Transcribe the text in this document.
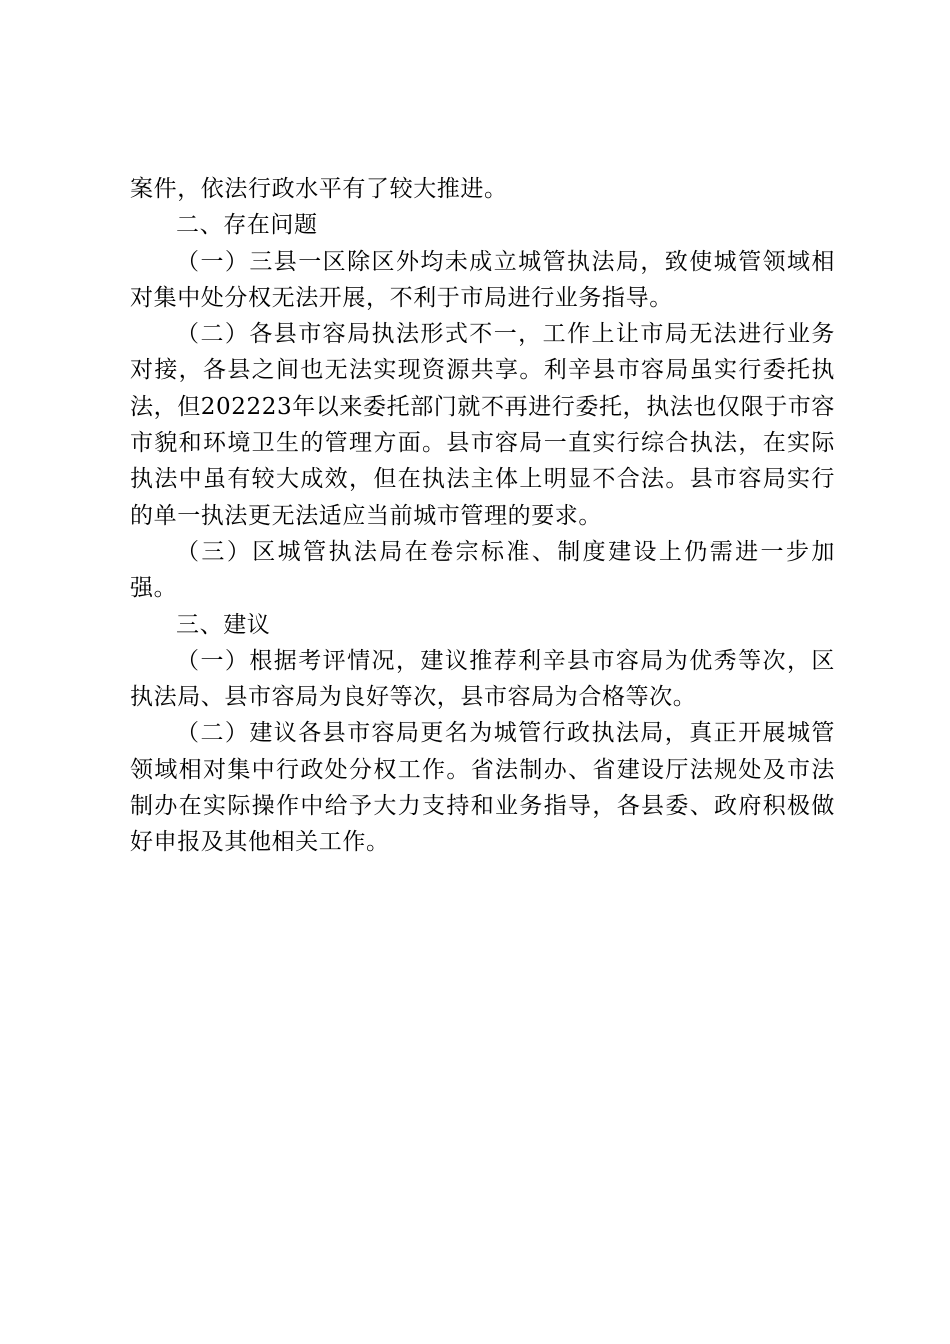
案件，依法行政水平有了较大推进。

二、存在问题

（一）三县一区除区外均未成立城管执法局，致使城管领域相对集中处分权无法开展，不利于市局进行业务指导。

（二）各县市容局执法形式不一，工作上让市局无法进行业务对接，各县之间也无法实现资源共享。利辛县市容局虽实行委托执法，但202223年以来委托部门就不再进行委托，执法也仅限于市容市貌和环境卫生的管理方面。县市容局一直实行综合执法，在实际执法中虽有较大成效，但在执法主体上明显不合法。县市容局实行的单一执法更无法适应当前城市管理的要求。

（三）区城管执法局在卷宗标准、制度建设上仍需进一步加强。

三、建议

（一）根据考评情况，建议推荐利辛县市容局为优秀等次，区执法局、县市容局为良好等次，县市容局为合格等次。

（二）建议各县市容局更名为城管行政执法局，真正开展城管领域相对集中行政处分权工作。省法制办、省建设厅法规处及市法制办在实际操作中给予大力支持和业务指导，各县委、政府积极做好申报及其他相关工作。
